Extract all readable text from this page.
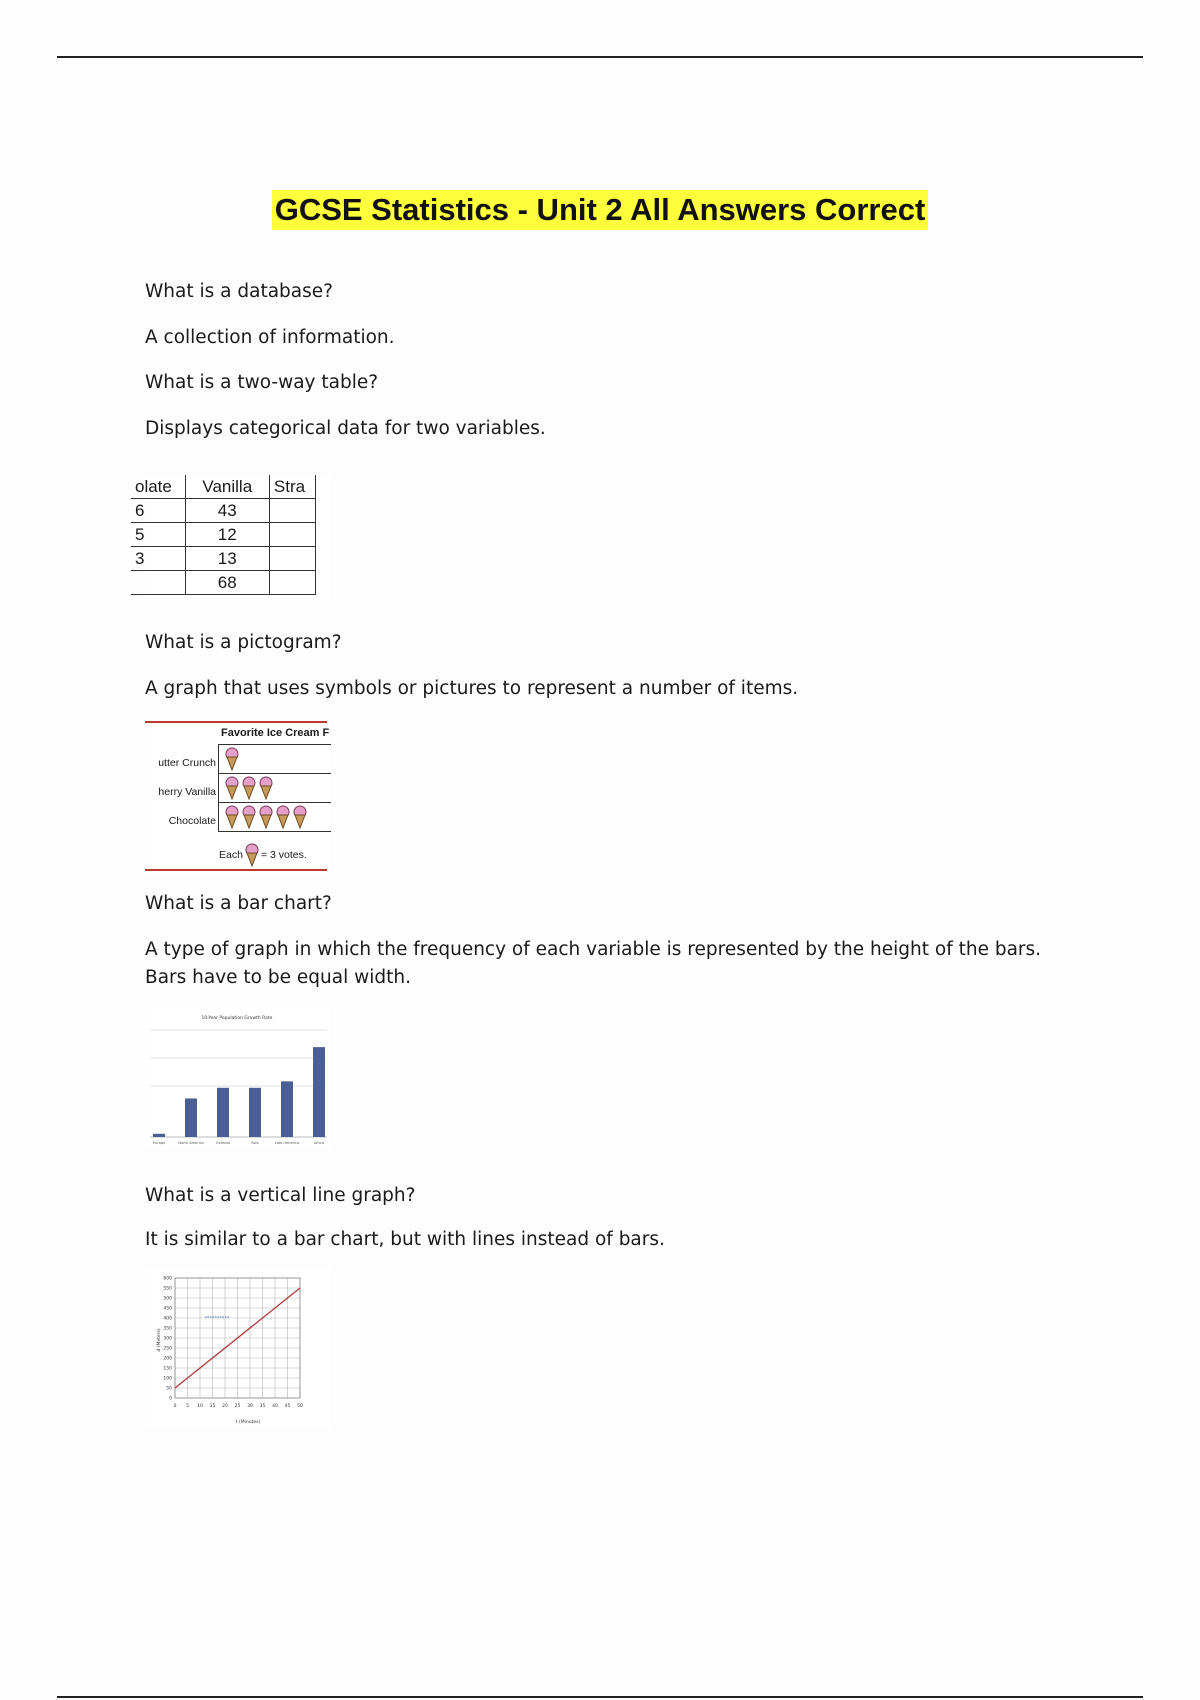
GCSE Statistics - Unit 2 All Answers Correct
What is a database?
A collection of information.
What is a two-way table?
Displays categorical data for two variables.
olate	Vanilla	Stra
6	43	
5	12	
3	13	
	68	
What is a pictogram?
A graph that uses symbols or pictures to represent a number of items.
Favorite Ice Cream F
utter Crunch
herry Vanilla
Chocolate
Each = 3 votes.
What is a bar chart?
A type of graph in which the frequency of each variable is represented by the height of the bars. Bars have to be equal width.
10-Year Population Growth Rate
Europe	North America	Oceania	Asia	Latin America	Africa
What is a vertical line graph?
It is similar to a bar chart, but with lines instead of bars.
0
50
100
150
200
250
300
350
400
450
500
550
600
0 5 10 15 20 25 30 35 40 45 50
d (Meters)
t (Minutes)
